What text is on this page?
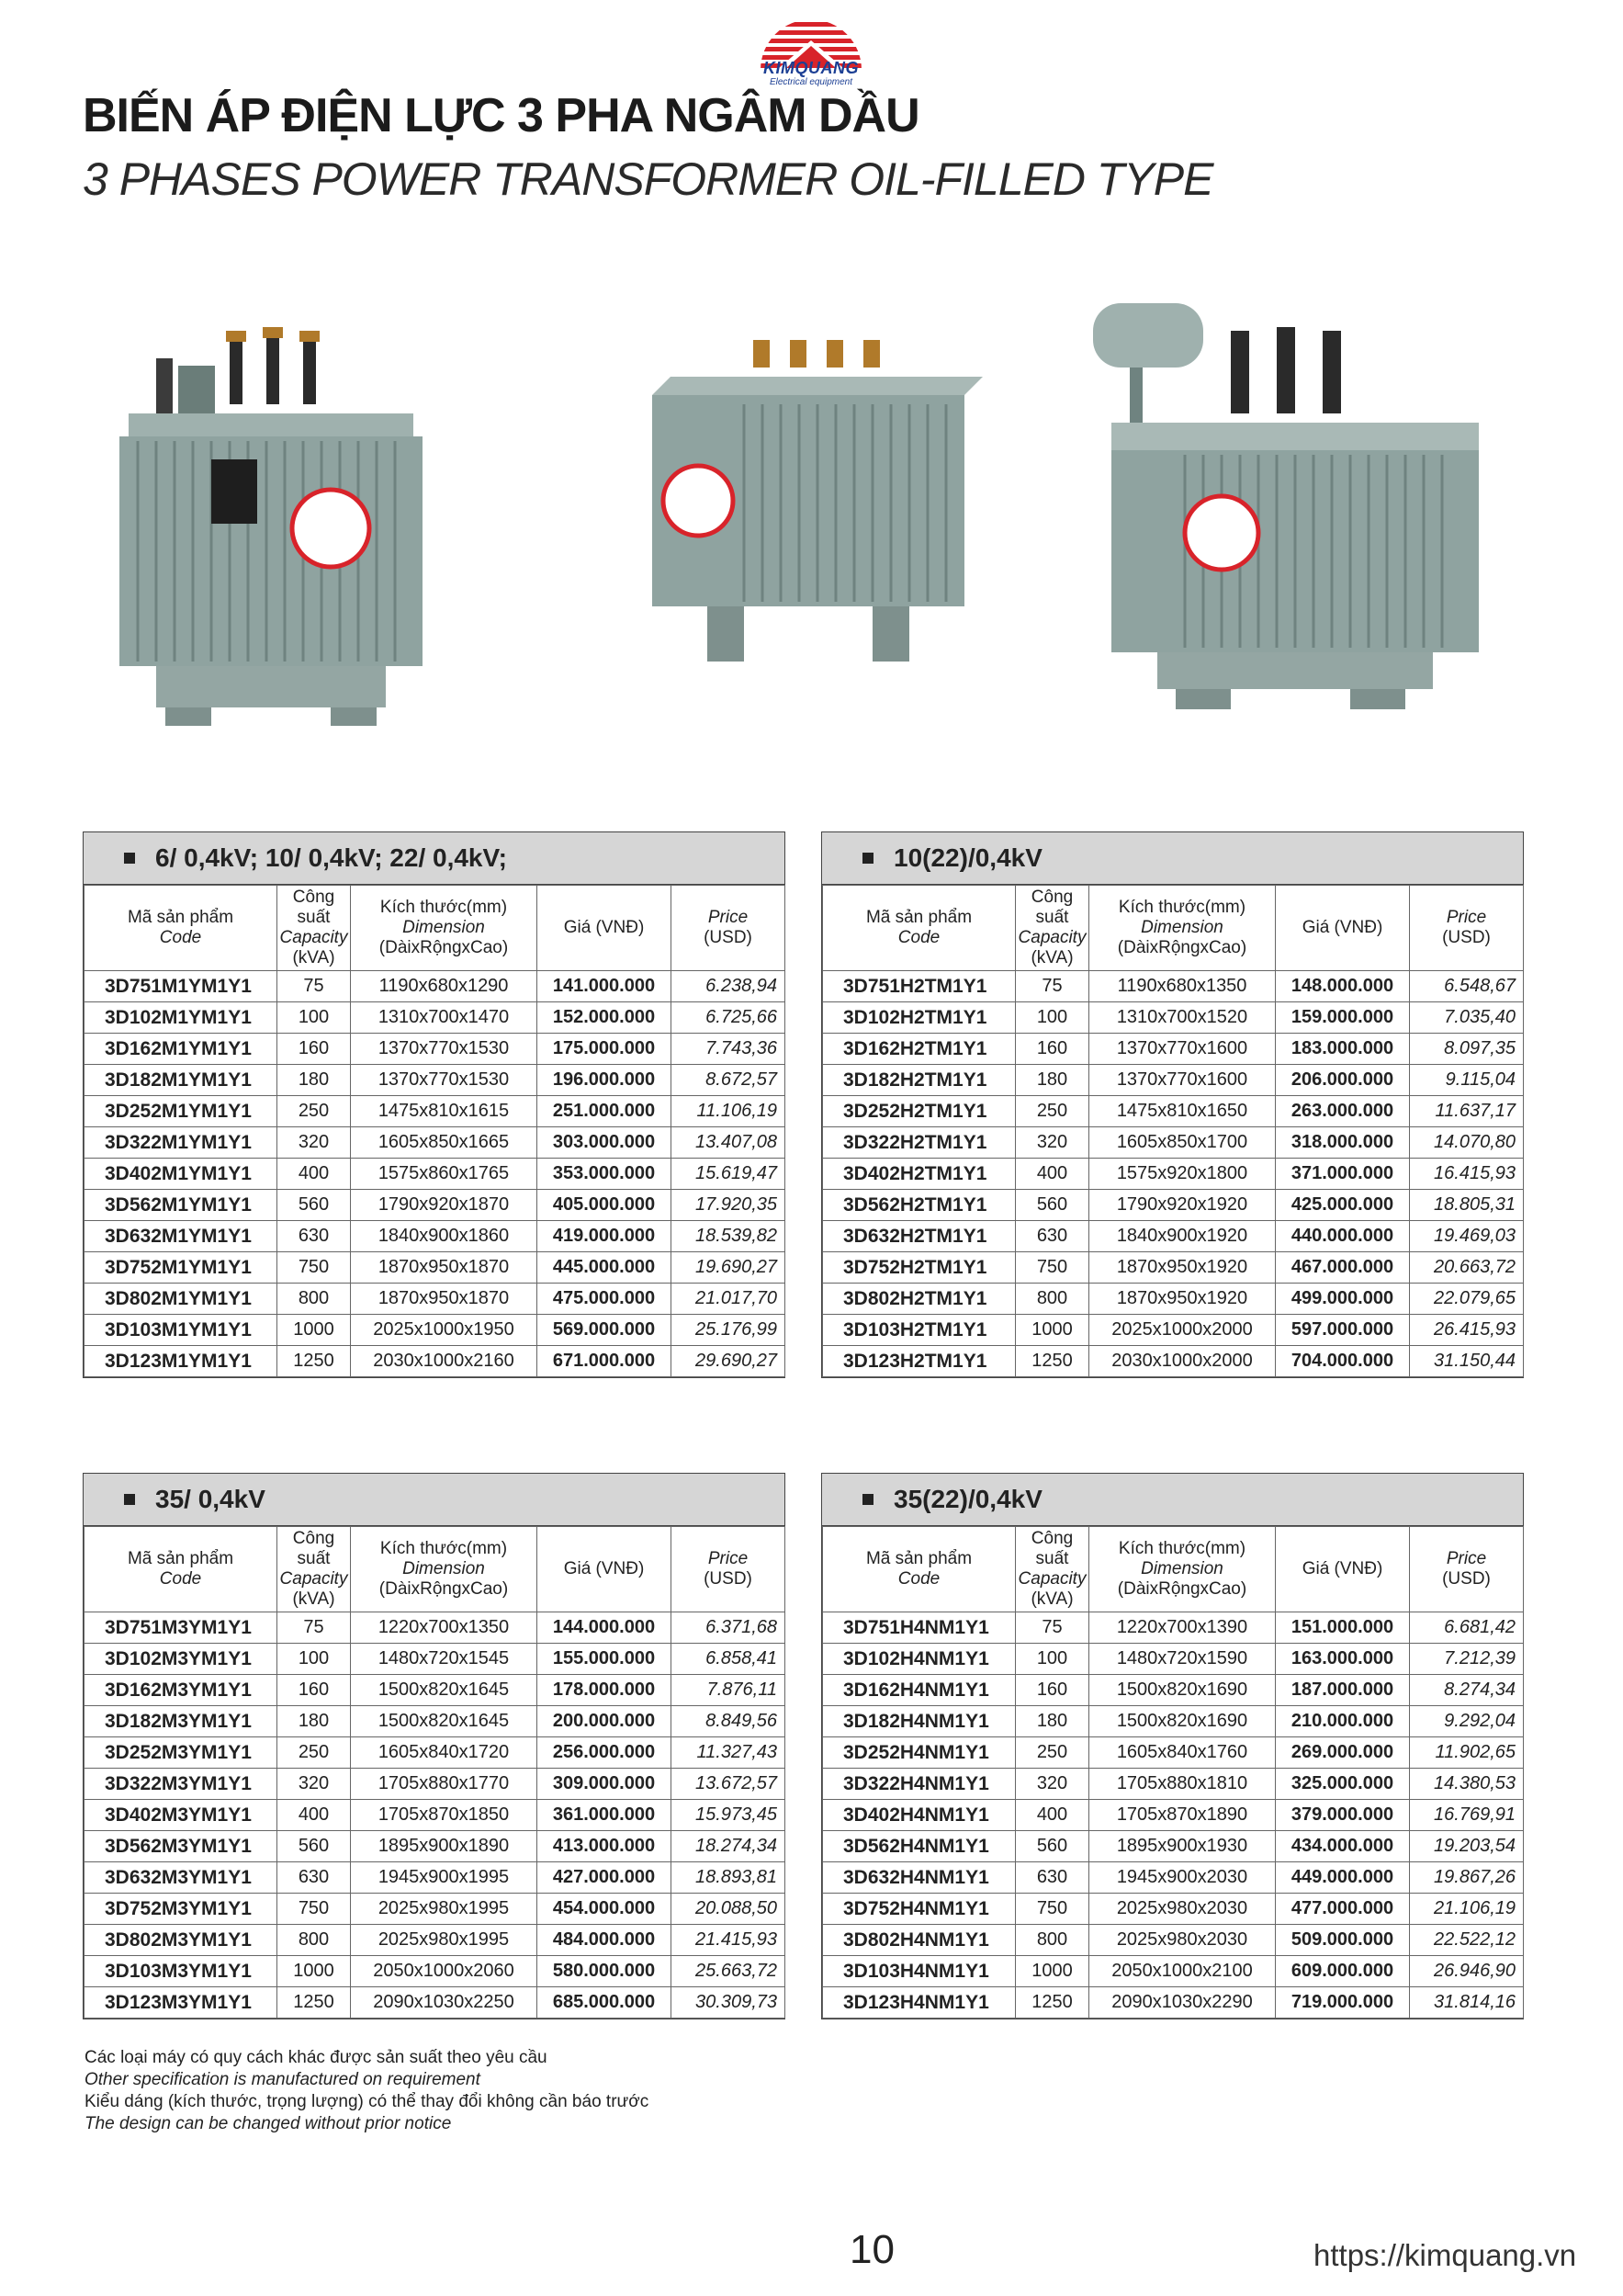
KIMQUANG
Electrical equipment
BIẾN ÁP ĐIỆN LỰC 3 PHA NGÂM DẦU
3 PHASES POWER TRANSFORMER OIL-FILLED TYPE
6/ 0,4kV; 10/ 0,4kV; 22/ 0,4kV;
Mã sản phẩm
Code	Công suất
Capacity
(kVA)	Kích thước(mm)
Dimension
(DàixRộngxCao)	Giá (VNĐ)	Price
(USD)
3D751M1YM1Y1	75	1190x680x1290	141.000.000	6.238,94
3D102M1YM1Y1	100	1310x700x1470	152.000.000	6.725,66
3D162M1YM1Y1	160	1370x770x1530	175.000.000	7.743,36
3D182M1YM1Y1	180	1370x770x1530	196.000.000	8.672,57
3D252M1YM1Y1	250	1475x810x1615	251.000.000	11.106,19
3D322M1YM1Y1	320	1605x850x1665	303.000.000	13.407,08
3D402M1YM1Y1	400	1575x860x1765	353.000.000	15.619,47
3D562M1YM1Y1	560	1790x920x1870	405.000.000	17.920,35
3D632M1YM1Y1	630	1840x900x1860	419.000.000	18.539,82
3D752M1YM1Y1	750	1870x950x1870	445.000.000	19.690,27
3D802M1YM1Y1	800	1870x950x1870	475.000.000	21.017,70
3D103M1YM1Y1	1000	2025x1000x1950	569.000.000	25.176,99
3D123M1YM1Y1	1250	2030x1000x2160	671.000.000	29.690,27
10(22)/0,4kV
Mã sản phẩm
Code	Công suất
Capacity
(kVA)	Kích thước(mm)
Dimension
(DàixRộngxCao)	Giá (VNĐ)	Price
(USD)
3D751H2TM1Y1	75	1190x680x1350	148.000.000	6.548,67
3D102H2TM1Y1	100	1310x700x1520	159.000.000	7.035,40
3D162H2TM1Y1	160	1370x770x1600	183.000.000	8.097,35
3D182H2TM1Y1	180	1370x770x1600	206.000.000	9.115,04
3D252H2TM1Y1	250	1475x810x1650	263.000.000	11.637,17
3D322H2TM1Y1	320	1605x850x1700	318.000.000	14.070,80
3D402H2TM1Y1	400	1575x920x1800	371.000.000	16.415,93
3D562H2TM1Y1	560	1790x920x1920	425.000.000	18.805,31
3D632H2TM1Y1	630	1840x900x1920	440.000.000	19.469,03
3D752H2TM1Y1	750	1870x950x1920	467.000.000	20.663,72
3D802H2TM1Y1	800	1870x950x1920	499.000.000	22.079,65
3D103H2TM1Y1	1000	2025x1000x2000	597.000.000	26.415,93
3D123H2TM1Y1	1250	2030x1000x2000	704.000.000	31.150,44
35/ 0,4kV
Mã sản phẩm
Code	Công suất
Capacity
(kVA)	Kích thước(mm)
Dimension
(DàixRộngxCao)	Giá (VNĐ)	Price
(USD)
3D751M3YM1Y1	75	1220x700x1350	144.000.000	6.371,68
3D102M3YM1Y1	100	1480x720x1545	155.000.000	6.858,41
3D162M3YM1Y1	160	1500x820x1645	178.000.000	7.876,11
3D182M3YM1Y1	180	1500x820x1645	200.000.000	8.849,56
3D252M3YM1Y1	250	1605x840x1720	256.000.000	11.327,43
3D322M3YM1Y1	320	1705x880x1770	309.000.000	13.672,57
3D402M3YM1Y1	400	1705x870x1850	361.000.000	15.973,45
3D562M3YM1Y1	560	1895x900x1890	413.000.000	18.274,34
3D632M3YM1Y1	630	1945x900x1995	427.000.000	18.893,81
3D752M3YM1Y1	750	2025x980x1995	454.000.000	20.088,50
3D802M3YM1Y1	800	2025x980x1995	484.000.000	21.415,93
3D103M3YM1Y1	1000	2050x1000x2060	580.000.000	25.663,72
3D123M3YM1Y1	1250	2090x1030x2250	685.000.000	30.309,73
35(22)/0,4kV
Mã sản phẩm
Code	Công suất
Capacity
(kVA)	Kích thước(mm)
Dimension
(DàixRộngxCao)	Giá (VNĐ)	Price
(USD)
3D751H4NM1Y1	75	1220x700x1390	151.000.000	6.681,42
3D102H4NM1Y1	100	1480x720x1590	163.000.000	7.212,39
3D162H4NM1Y1	160	1500x820x1690	187.000.000	8.274,34
3D182H4NM1Y1	180	1500x820x1690	210.000.000	9.292,04
3D252H4NM1Y1	250	1605x840x1760	269.000.000	11.902,65
3D322H4NM1Y1	320	1705x880x1810	325.000.000	14.380,53
3D402H4NM1Y1	400	1705x870x1890	379.000.000	16.769,91
3D562H4NM1Y1	560	1895x900x1930	434.000.000	19.203,54
3D632H4NM1Y1	630	1945x900x2030	449.000.000	19.867,26
3D752H4NM1Y1	750	2025x980x2030	477.000.000	21.106,19
3D802H4NM1Y1	800	2025x980x2030	509.000.000	22.522,12
3D103H4NM1Y1	1000	2050x1000x2100	609.000.000	26.946,90
3D123H4NM1Y1	1250	2090x1030x2290	719.000.000	31.814,16
Các loại máy có quy cách khác được sản suất theo yêu cầu
Other specification is manufactured on requirement
Kiểu dáng (kích thước, trọng lượng) có thể thay đổi không cần báo trước
The design can be changed without prior notice
10	https://kimquang.vn
